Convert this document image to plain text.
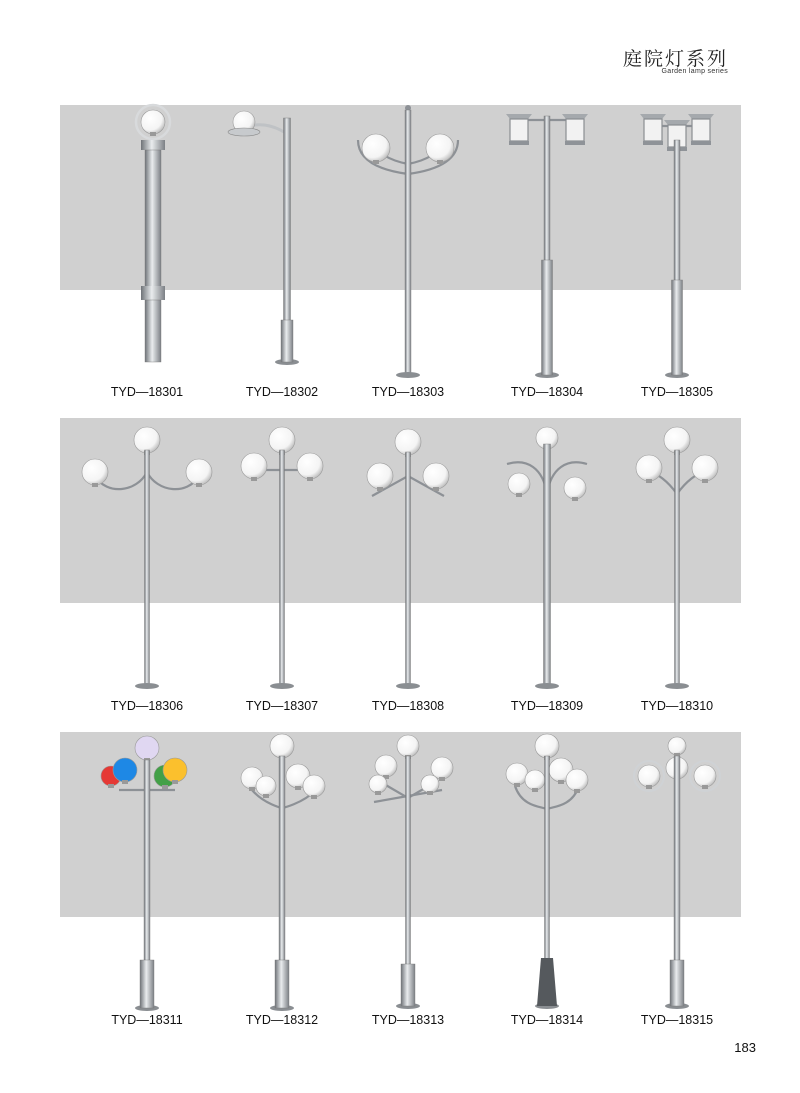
庭院灯系列
Garden lamp series
TYD—18301	TYD—18302	TYD—18303	TYD—18304	TYD—18305
TYD—18306	TYD—18307	TYD—18308	TYD—18309	TYD—18310
TYD—18311	TYD—18312	TYD—18313	TYD—18314	TYD—18315
183
